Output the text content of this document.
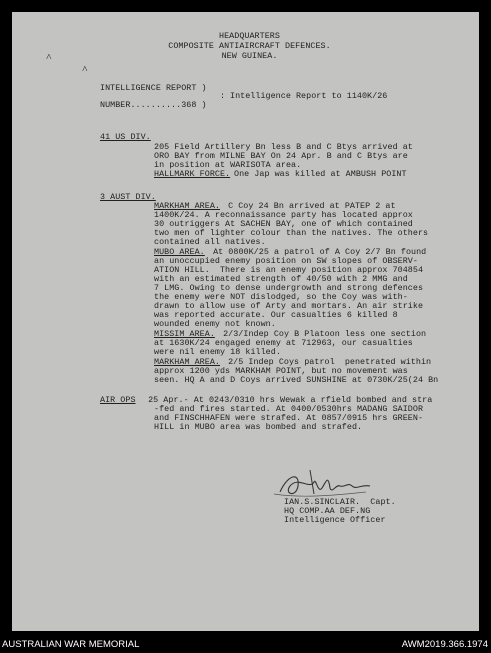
˄
˄
HEADQUARTERS
COMPOSITE ANTIAIRCRAFT DEFENCES.
NEW GUINEA.
INTELLIGENCE REPORT )
: Intelligence Report to 1140K/26
NUMBER..........368 )
41 US DIV.
205 Field Artillery Bn less B and C Btys arrived at
ORO BAY from MILNE BAY On 24 Apr. B and C Btys are
in position at WARISOTA area.
HALLMARK FORCE. One Jap was killed at AMBUSH POINT
3 AUST DIV.
MARKHAM AREA. C Coy 24 Bn arrived at PATEP 2 at
1400K/24. A reconnaissance party has located approx
30 outriggers At SACHEN BAY, one of which contained
two men of lighter colour than the natives. The others
contained all natives.
MUBO AREA. At 0800K/25 a patrol of A Coy 2/7 Bn found
an unoccupied enemy position on SW slopes of OBSERV-
ATION HILL.  There is an enemy position approx 704854
with an estimated strength of 40/50 with 2 MMG and
7 LMG. Owing to dense undergrowth and strong defences
the enemy were NOT dislodged, so the Coy was with-
drawn to allow use of Arty and mortars. An air strike
was reported accurate. Our casualties 6 killed 8
wounded enemy not known.
MISSIM AREA. 2/3/Indep Coy B Platoon less one section
at 1630K/24 engaged enemy at 712963, our casualties
were nil enemy 18 killed.
MARKHAM AREA. 2/5 Indep Coys patrol  penetrated within
approx 1200 yds MARKHAM POINT, but no movement was
seen. HQ A and D Coys arrived SUNSHINE at 0730K/25(24 Bn
AIR OPS 25 Apr.- At 0243/0310 hrs Wewak a rfield bombed and stra
-fed and fires started. At 0400/0530hrs MADANG SAIDOR
and FINSCHHAFEN were strafed. At 0857/0915 hrs GREEN-
HILL in MUBO area was bombed and strafed.
IAN.S.SINCLAIR.  Capt.
HQ COMP.AA DEF.NG
Intelligence Officer
AUSTRALIAN WAR MEMORIAL	AWM2019.366.1974
